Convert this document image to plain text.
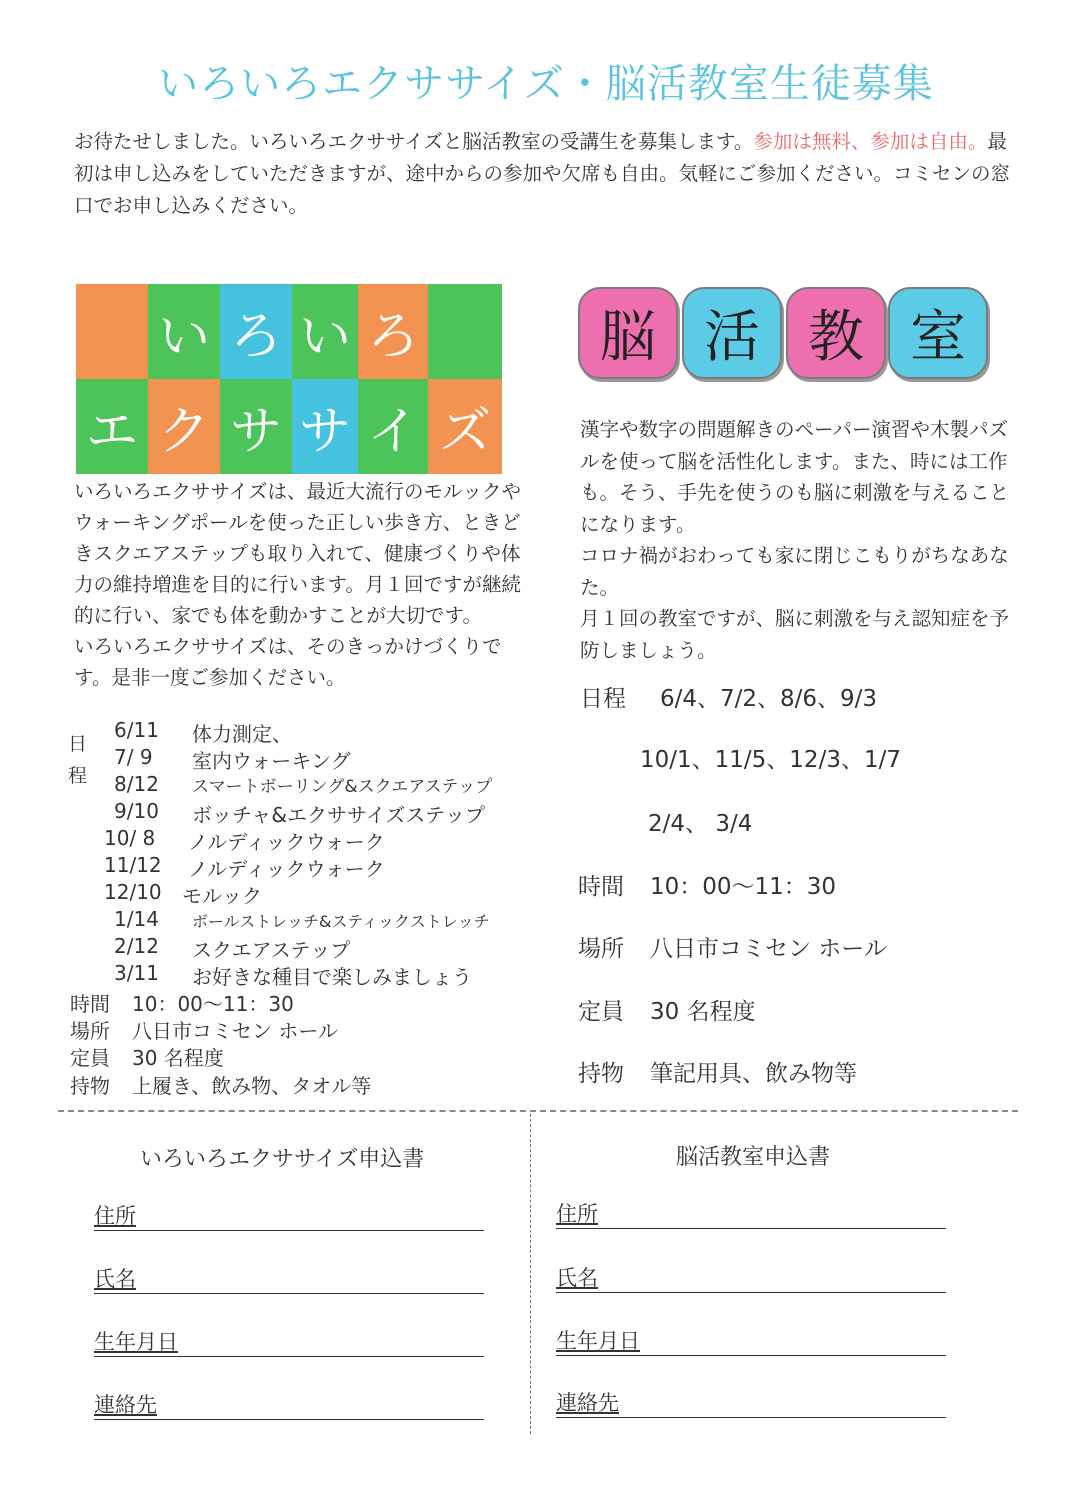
いろいろエクササイズ・脳活教室生徒募集
お待たせしました。いろいろエクササイズと脳活教室の受講生を募集します。参加は無料、参加は自由。最初は申し込みをしていただきますが、途中からの参加や欠席も自由。気軽にご参加ください。コミセンの窓口でお申し込みください。
い ろ い ろ
エ ク サ サ イ ズ
脳 活 教 室
いろいろエクササイズは、最近大流行のモルックやウォーキングポールを使った正しい歩き方、ときどきスクエアステップも取り入れて、健康づくりや体力の維持増進を目的に行います。月１回ですが継続的に行い、家でも体を動かすことが大切です。
いろいろエクササイズは、そのきっかけづくりです。是非一度ご参加ください。
日程
6/11 体力測定、
7/ 9 室内ウォーキング
8/12 スマートボーリング&スクエアステップ
9/10 ボッチャ&エクササイズステップ
10/ 8 ノルディックウォーク
11/12 ノルディックウォーク
12/10 モルック
1/14 ボールストレッチ&スティックストレッチ
2/12 スクエアステップ
3/11 お好きな種目で楽しみましょう
時間 10：00～11：30
場所 八日市コミセン ホール
定員 30 名程度
持物 上履き、飲み物、タオル等
漢字や数字の問題解きのペーパー演習や木製パズルを使って脳を活性化します。また、時には工作も。そう、手先を使うのも脳に刺激を与えることになります。
コロナ禍がおわっても家に閉じこもりがちなあなた。
月１回の教室ですが、脳に刺激を与え認知症を予防しましょう。
日程 6/4、7/2、8/6、9/3
10/1、11/5、12/3、1/7
2/4、 3/4
時間 10：00～11：30
場所 八日市コミセン ホール
定員 30 名程度
持物 筆記用具、飲み物等
いろいろエクササイズ申込書	脳活教室申込書
住所
氏名
生年月日
連絡先
住所
氏名
生年月日
連絡先
